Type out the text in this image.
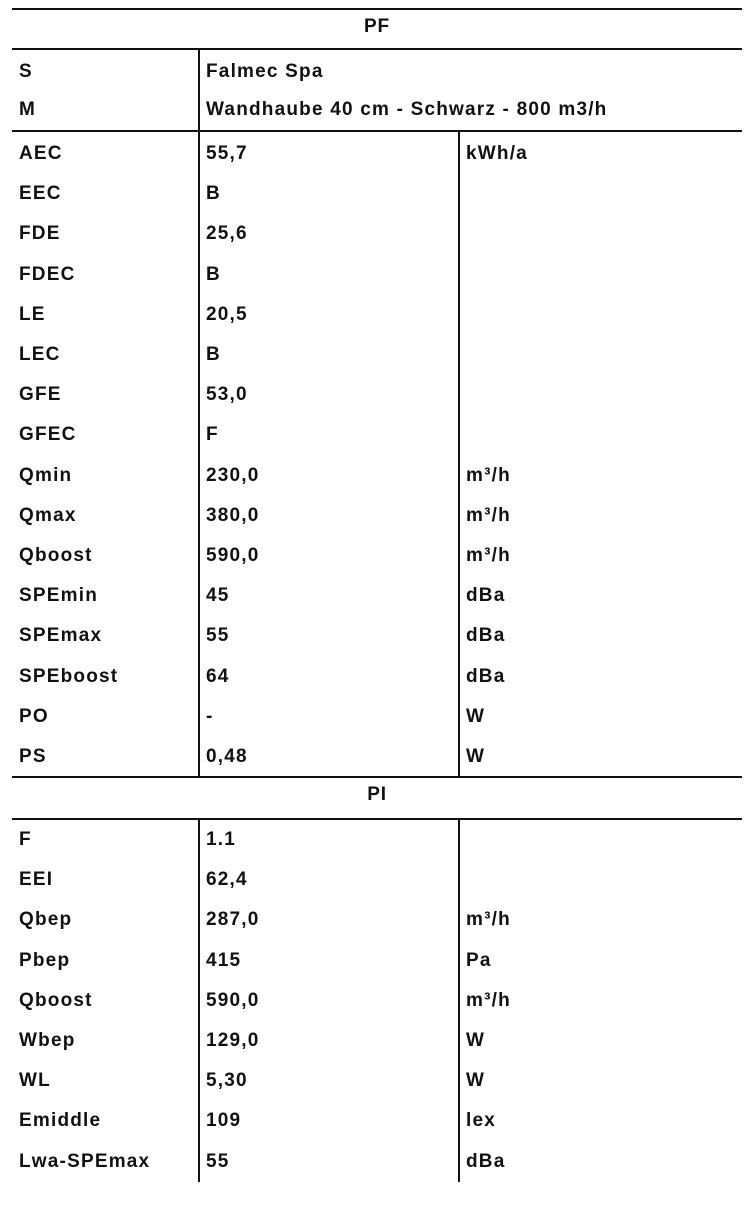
PF
S	Falmec Spa
M	Wandhaube 40 cm - Schwarz - 800 m3/h
AEC	55,7	kWh/a
EEC	B
FDE	25,6
FDEC	B
LE	20,5
LEC	B
GFE	53,0
GFEC	F
Qmin	230,0	m³/h
Qmax	380,0	m³/h
Qboost	590,0	m³/h
SPEmin	45	dBa
SPEmax	55	dBa
SPEboost	64	dBa
PO	-	W
PS	0,48	W
PI
F	1.1
EEI	62,4
Qbep	287,0	m³/h
Pbep	415	Pa
Qboost	590,0	m³/h
Wbep	129,0	W
WL	5,30	W
Emiddle	109	lex
Lwa-SPEmax	55	dBa
